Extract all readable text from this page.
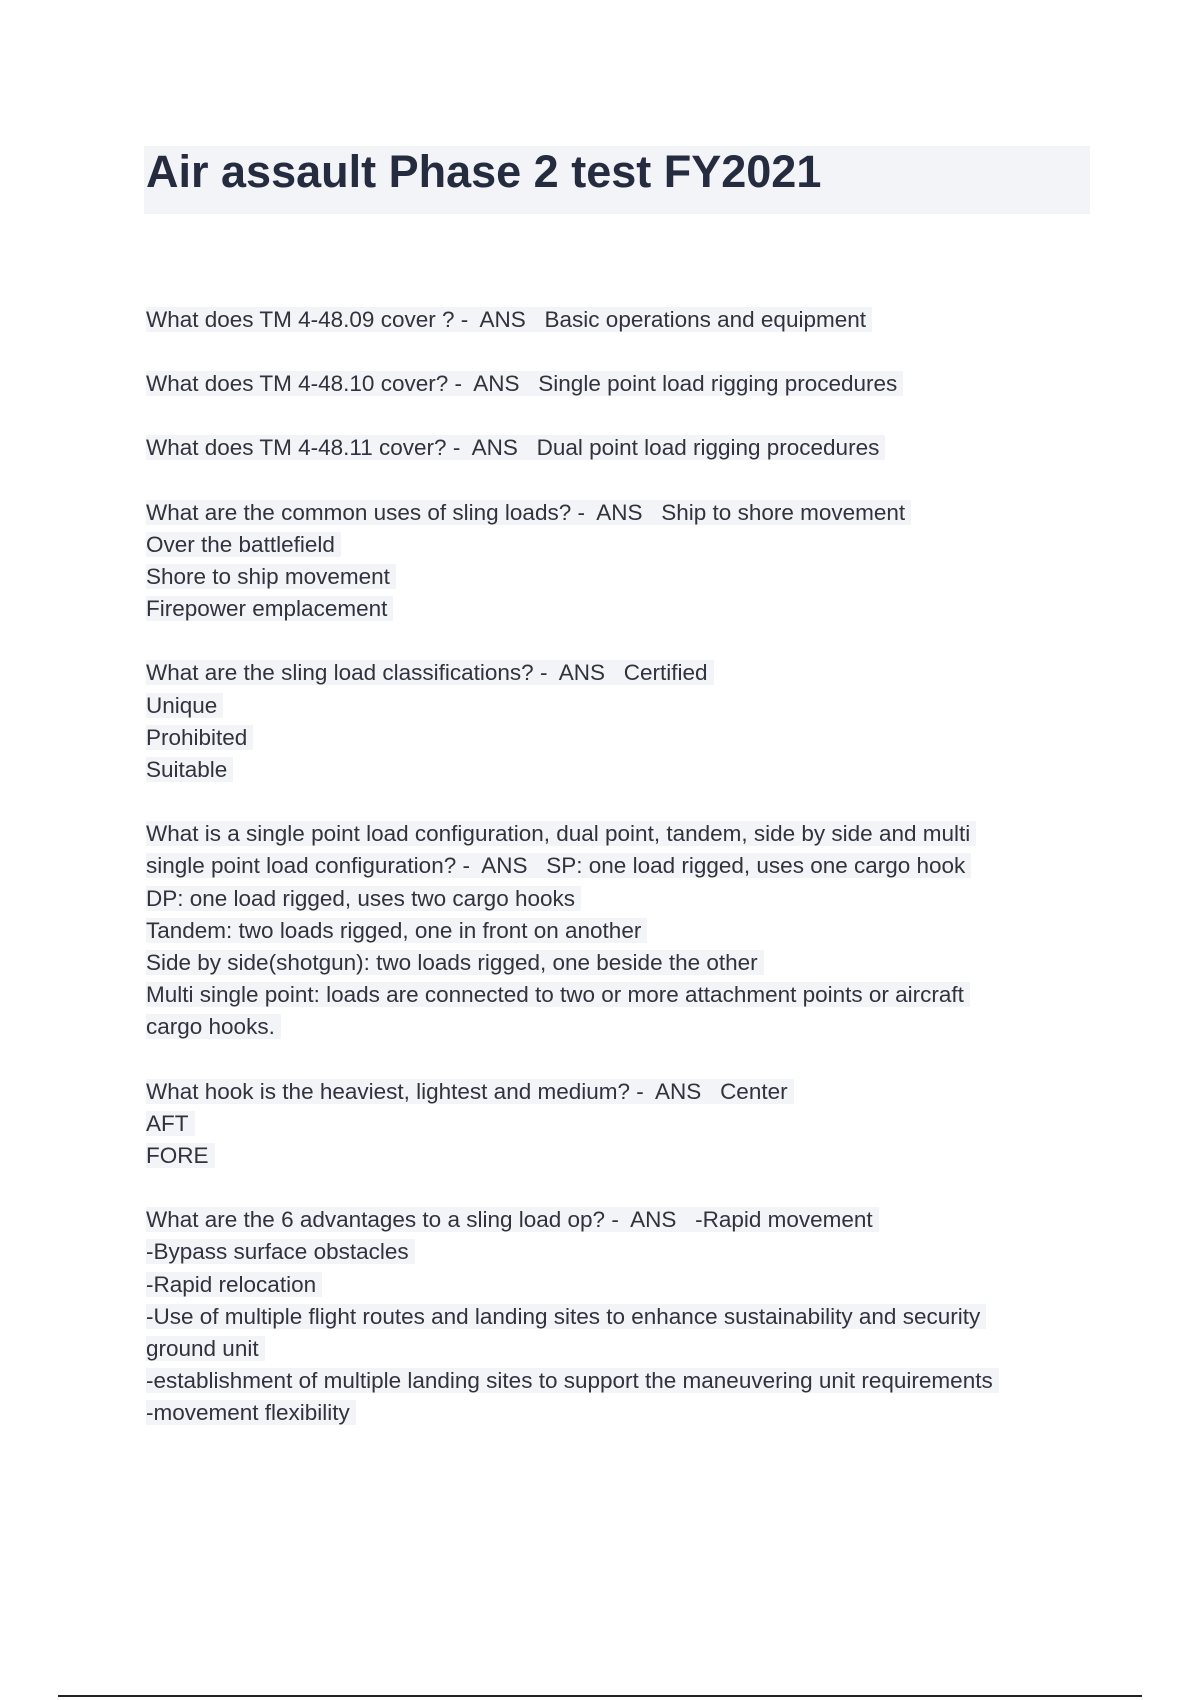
Air assault Phase 2 test FY2021
What does TM 4-48.09 cover ? - ANS Basic operations and equipment
What does TM 4-48.10 cover? - ANS Single point load rigging procedures
What does TM 4-48.11 cover? - ANS Dual point load rigging procedures
What are the common uses of sling loads? - ANS Ship to shore movement
Over the battlefield
Shore to ship movement
Firepower emplacement
What are the sling load classifications? - ANS Certified
Unique
Prohibited
Suitable
What is a single point load configuration, dual point, tandem, side by side and multi
single point load configuration? - ANS SP: one load rigged, uses one cargo hook
DP: one load rigged, uses two cargo hooks
Tandem: two loads rigged, one in front on another
Side by side(shotgun): two loads rigged, one beside the other
Multi single point: loads are connected to two or more attachment points or aircraft
cargo hooks.
What hook is the heaviest, lightest and medium? - ANS Center
AFT
FORE
What are the 6 advantages to a sling load op? - ANS -Rapid movement
-Bypass surface obstacles
-Rapid relocation
-Use of multiple flight routes and landing sites to enhance sustainability and security
ground unit
-establishment of multiple landing sites to support the maneuvering unit requirements
-movement flexibility
